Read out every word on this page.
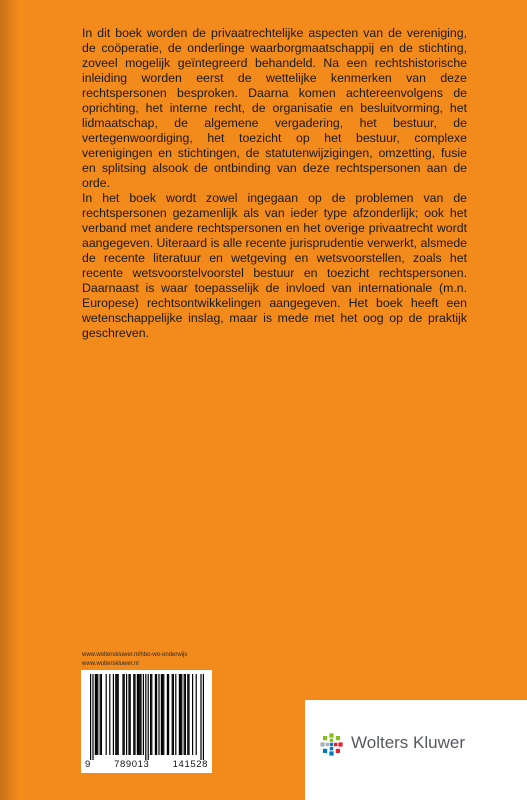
In dit boek worden de privaatrechtelijke aspecten van de vereniging, de coöperatie, de onderlinge waarborgmaatschappij en de stichting, zoveel mogelijk geïntegreerd behandeld. Na een rechtshistorische inleiding worden eerst de wettelijke kenmerken van deze rechtspersonen besproken. Daarna komen achtereenvolgens de oprichting, het interne recht, de organisatie en besluitvorming, het lidmaatschap, de algemene vergadering, het bestuur, de vertegenwoordiging, het toezicht op het bestuur, complexe verenigingen en stichtingen, de statutenwijzigingen, omzetting, fusie en splitsing alsook de ontbinding van deze rechtspersonen aan de orde.

In het boek wordt zowel ingegaan op de problemen van de rechtspersonen gezamenlijk als van ieder type afzonderlijk; ook het verband met andere rechtspersonen en het overige privaatrecht wordt aangegeven. Uiteraard is alle recente jurisprudentie verwerkt, alsmede de recente literatuur en wetgeving en wetsvoorstellen, zoals het recente wetsvoorstelvoorstel bestuur en toezicht rechtspersonen. Daarnaast is waar toepasselijk de invloed van internationale (m.n. Europese) rechtsontwikkelingen aangegeven. Het boek heeft een wetenschappelijke inslag, maar is mede met het oog op de praktijk geschreven.

www.wolterskluwer.nl/hbo-wo-onderwijs
www.wolterskluwer.nl
9 789013 141528
Wolters Kluwer
